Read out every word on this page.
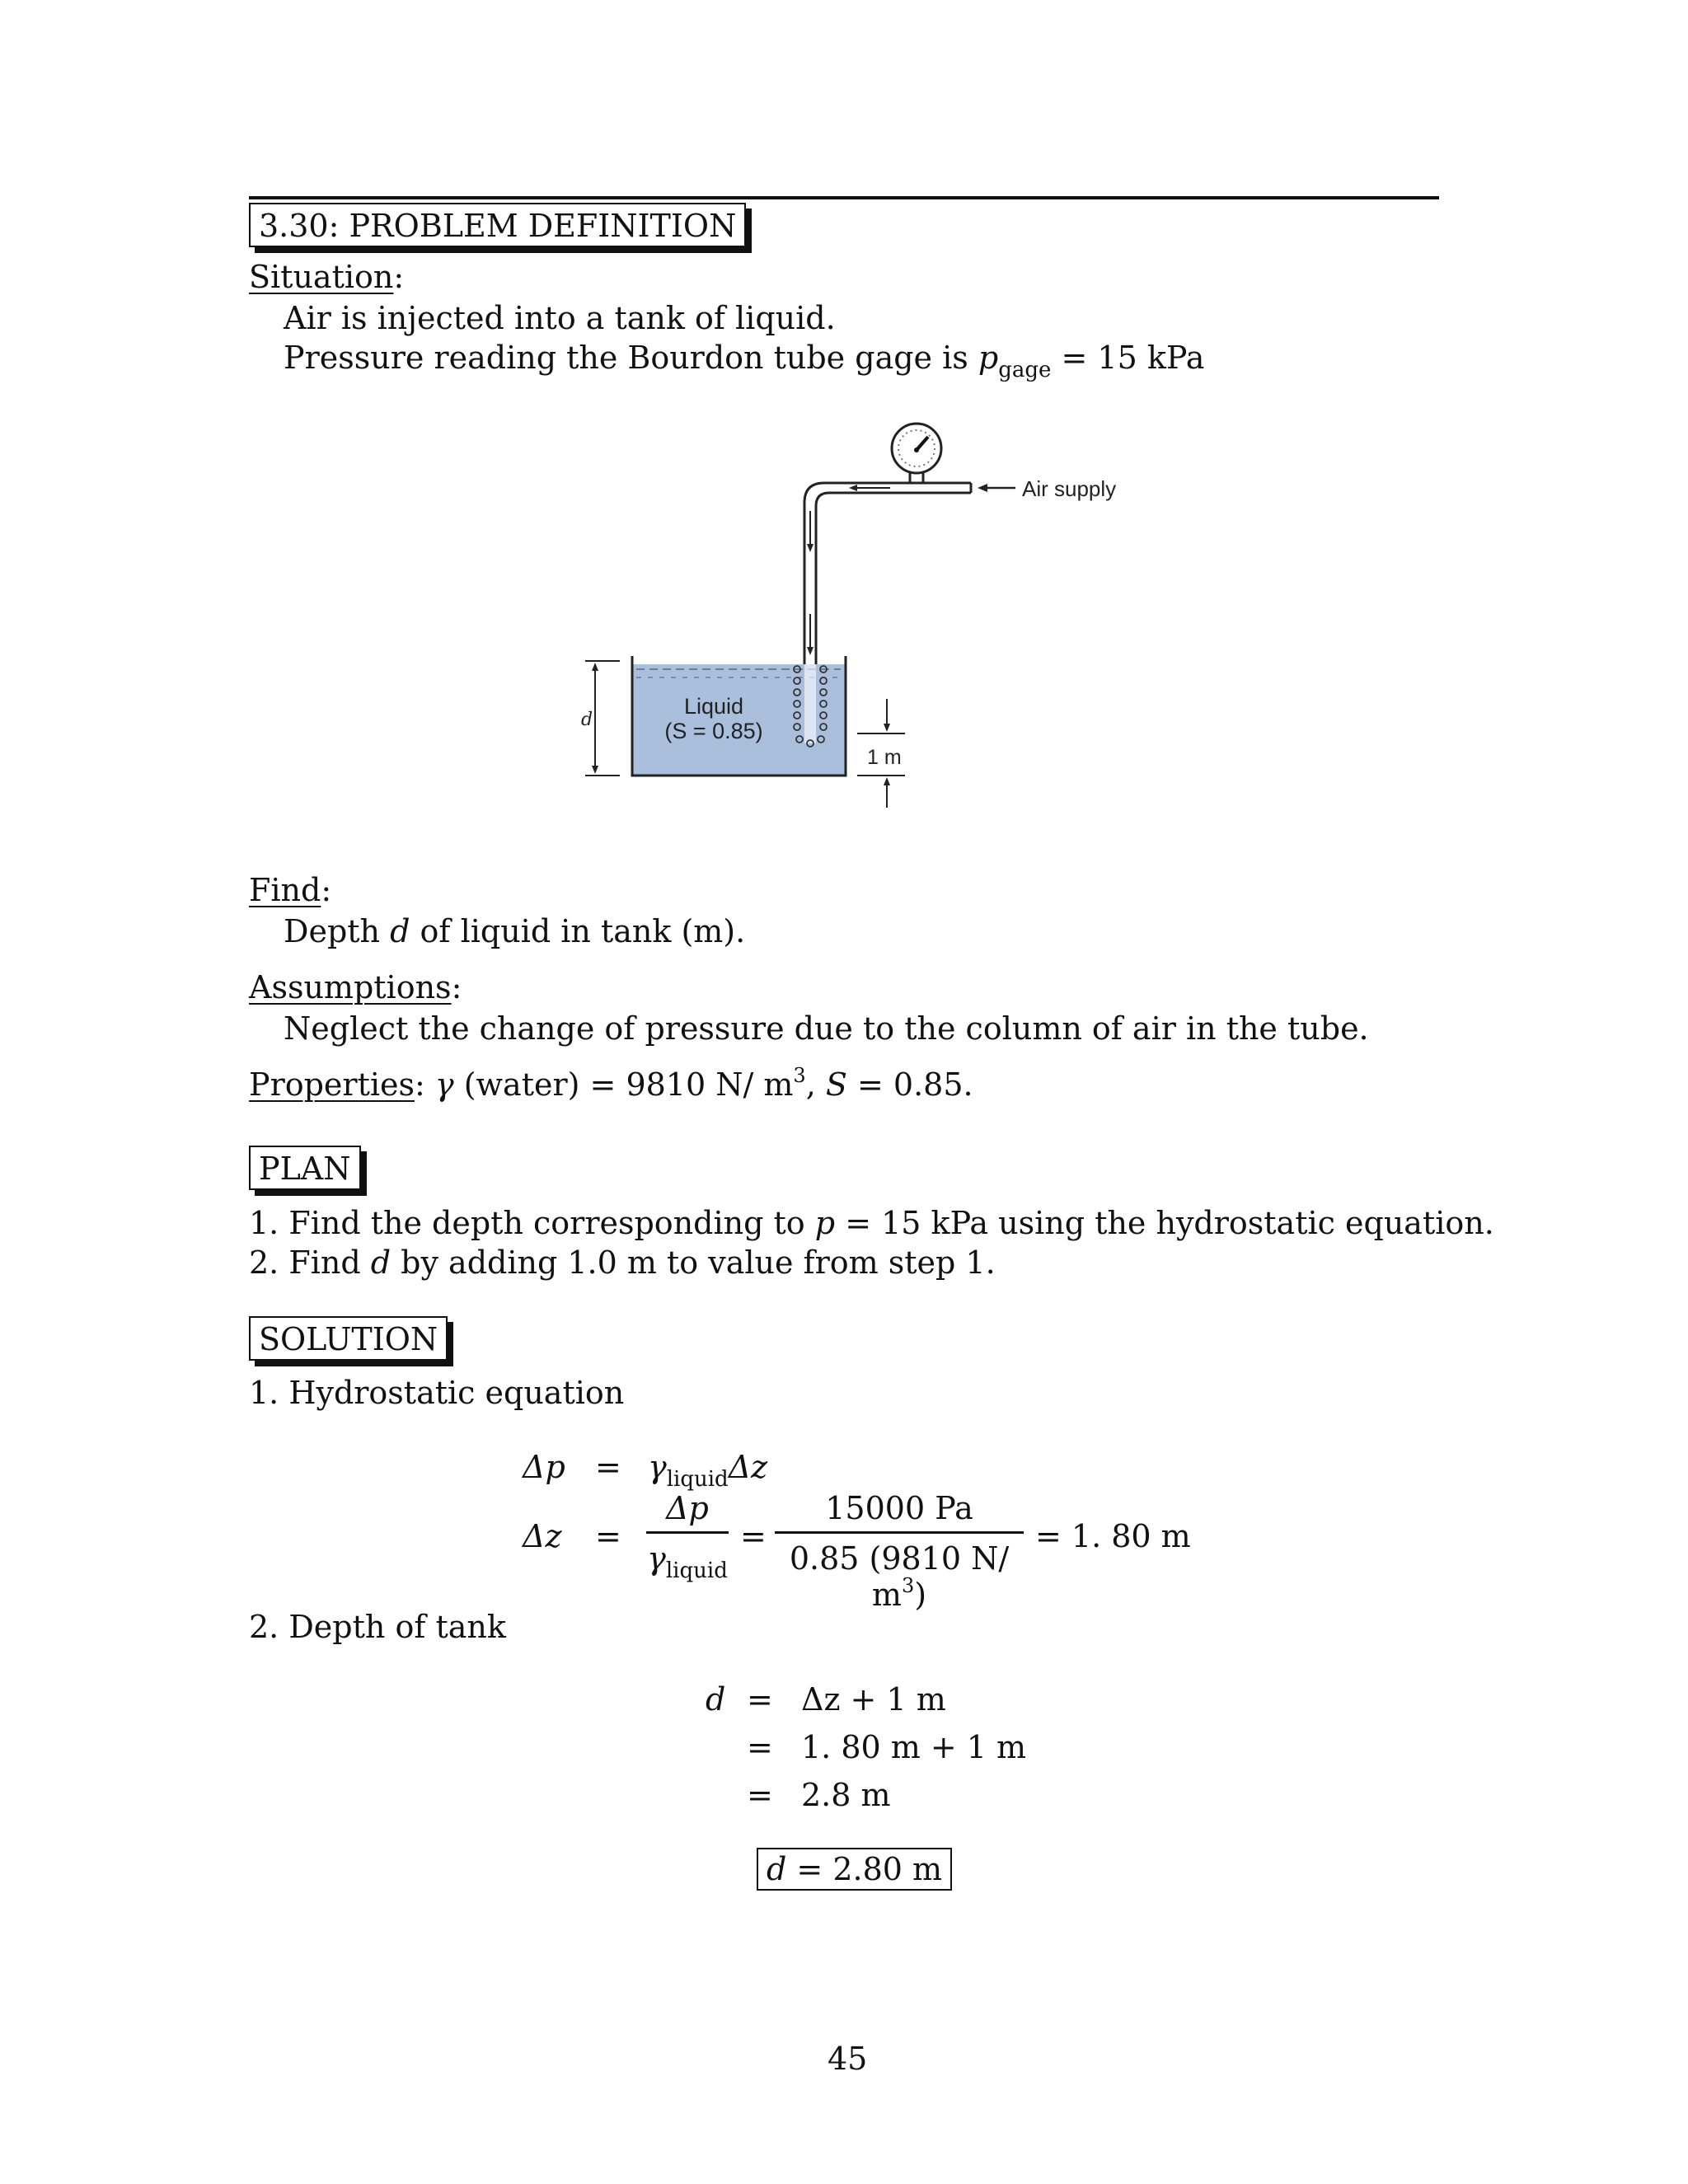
3.30: PROBLEM DEFINITION
Situation:
Air is injected into a tank of liquid.
Pressure reading the Bourdon tube gage is $p_{gage} = 15$ kPa
Air supply
Liquid
(S = 0.85)
d
1 m
Find:
Depth d of liquid in tank (m).
Assumptions:
Neglect the change of pressure due to the column of air in the tube.
Properties: γ (water) = 9810 N/ $m^3$, S = 0.85.
PLAN
1. Find the depth corresponding to p = 15 kPa using the hydrostatic equation.
2. Find d by adding 1.0 m to value from step 1.
SOLUTION
1. Hydrostatic equation
$\Delta p = \gamma_{liquid}\Delta z$
Δz =
Δp
$\gamma_{liquid}$
=
15000 Pa
0.85 (9810 N/ $m^3$)
= 1. 80 m
2. Depth of tank
d = Δz + 1 m
= 1. 80 m + 1 m
= 2.8 m
d = 2.80 m
45
